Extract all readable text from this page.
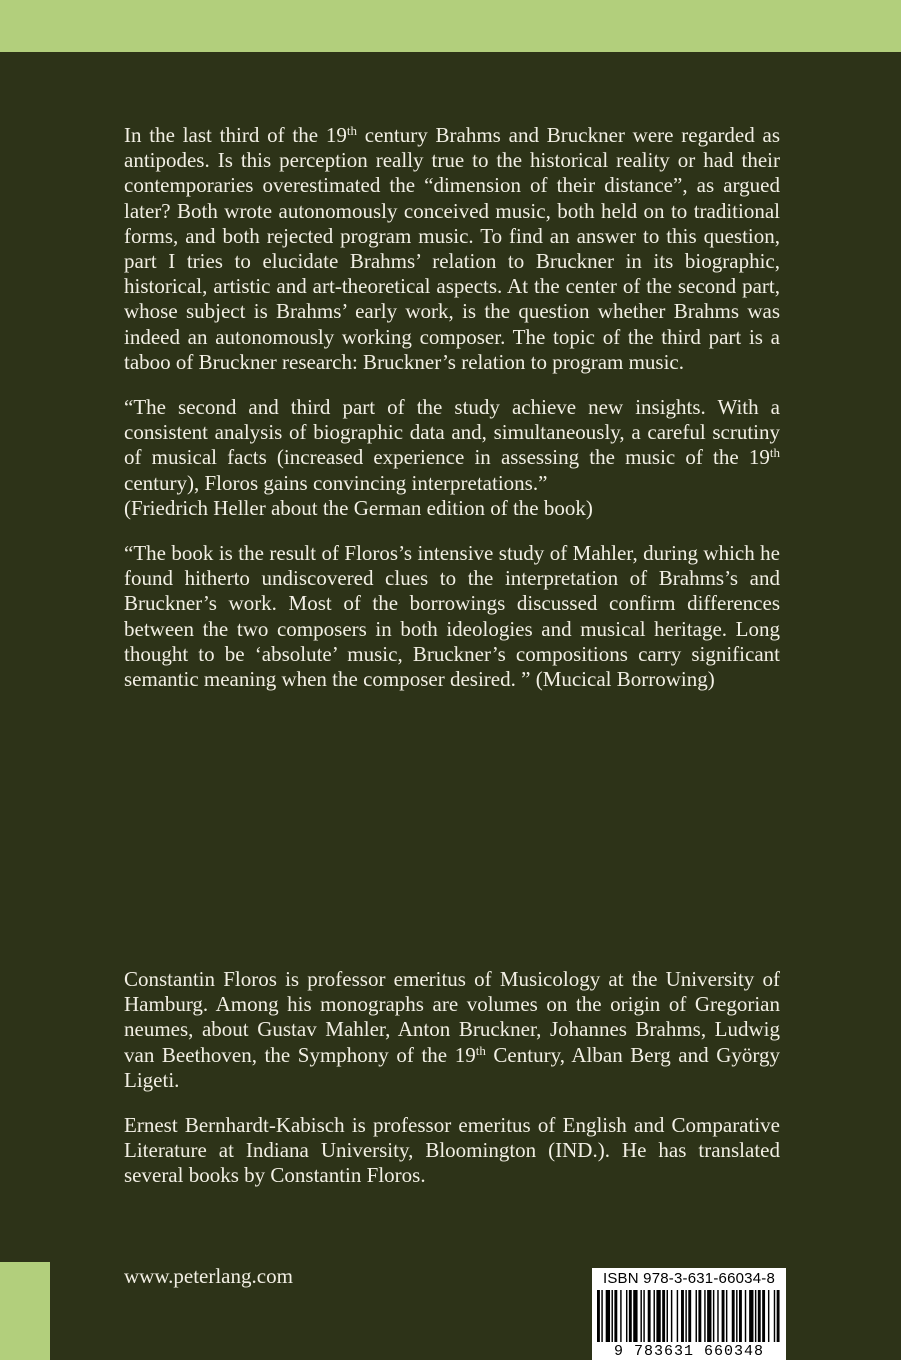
In the last third of the 19th century Brahms and Bruckner were regarded as antipodes. Is this perception really true to the historical reality or had their contemporaries overestimated the “dimension of their distance”, as argued later? Both wrote autonomously conceived music, both held on to traditional forms, and both rejected program music. To find an answer to this question, part I tries to elucidate Brahms’ relation to Bruckner in its biographic, historical, artistic and art-theoretical aspects. At the center of the second part, whose subject is Brahms’ early work, is the question whether Brahms was indeed an autonomously working composer. The topic of the third part is a taboo of Bruckner research: Bruckner’s relation to program music.

“The second and third part of the study achieve new insights. With a consistent analysis of biographic data and, simultaneously, a careful scrutiny of musical facts (increased experience in assessing the music of the 19th century), Floros gains convincing interpretations.”
(Friedrich Heller about the German edition of the book)

“The book is the result of Floros’s intensive study of Mahler, during which he found hitherto undiscovered clues to the interpretation of Brahms’s and Bruckner’s work. Most of the borrowings discussed confirm differences between the two composers in both ideologies and musical heritage. Long thought to be ‘absolute’ music, Bruckner’s compositions carry significant semantic meaning when the composer desired. ” (Mucical Borrowing)

Constantin Floros is professor emeritus of Musicology at the University of Hamburg. Among his monographs are volumes on the origin of Gregorian neumes, about Gustav Mahler, Anton Bruckner, Johannes Brahms, Ludwig van Beethoven, the Symphony of the 19th Century, Alban Berg and György Ligeti.

Ernest Bernhardt-Kabisch is professor emeritus of English and Comparative Literature at Indiana University, Bloomington (IND.). He has translated several books by Constantin Floros.

www.peterlang.com	ISBN 978-3-631-66034-8
9 783631 660348
